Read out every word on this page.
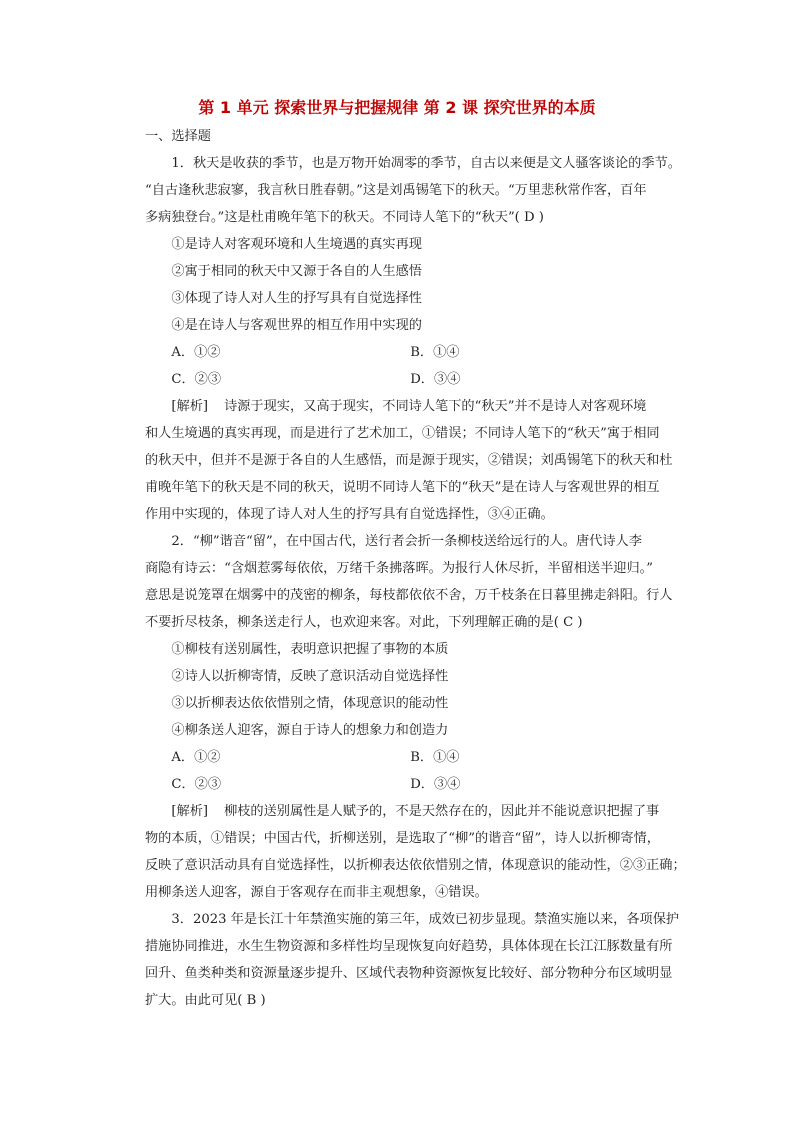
第 1 单元 探索世界与把握规律 第 2 课 探究世界的本质
一、选择题
1．秋天是收获的季节，也是万物开始凋零的季节，自古以来便是文人骚客谈论的季节。
“自古逢秋悲寂寥，我言秋日胜春朝。”这是刘禹锡笔下的秋天。“万里悲秋常作客，百年
多病独登台。”这是杜甫晚年笔下的秋天。不同诗人笔下的“秋天”( D )
①是诗人对客观环境和人生境遇的真实再现
②寓于相同的秋天中又源于各自的人生感悟
③体现了诗人对人生的抒写具有自觉选择性
④是在诗人与客观世界的相互作用中实现的
A．①②	B．①④
C．②③	D．③④
[解析] 诗源于现实，又高于现实，不同诗人笔下的“秋天”并不是诗人对客观环境
和人生境遇的真实再现，而是进行了艺术加工，①错误；不同诗人笔下的“秋天”寓于相同
的秋天中，但并不是源于各自的人生感悟，而是源于现实，②错误；刘禹锡笔下的秋天和杜
甫晚年笔下的秋天是不同的秋天，说明不同诗人笔下的“秋天”是在诗人与客观世界的相互
作用中实现的，体现了诗人对人生的抒写具有自觉选择性，③④正确。
2．“柳”谐音“留”，在中国古代，送行者会折一条柳枝送给远行的人。唐代诗人李
商隐有诗云：“含烟惹雾每依依，万绪千条拂落晖。为报行人休尽折，半留相送半迎归。”
意思是说笼罩在烟雾中的茂密的柳条，每枝都依依不舍，万千枝条在日暮里拂走斜阳。行人
不要折尽枝条，柳条送走行人，也欢迎来客。对此，下列理解正确的是( C )
①柳枝有送别属性，表明意识把握了事物的本质
②诗人以折柳寄情，反映了意识活动自觉选择性
③以折柳表达依依惜别之情，体现意识的能动性
④柳条送人迎客，源自于诗人的想象力和创造力
A．①②	B．①④
C．②③	D．③④
[解析] 柳枝的送别属性是人赋予的，不是天然存在的，因此并不能说意识把握了事
物的本质，①错误；中国古代，折柳送别，是选取了“柳”的谐音“留”，诗人以折柳寄情，
反映了意识活动具有自觉选择性，以折柳表达依依惜别之情，体现意识的能动性，②③正确；
用柳条送人迎客，源自于客观存在而非主观想象，④错误。
3．2023 年是长江十年禁渔实施的第三年，成效已初步显现。禁渔实施以来，各项保护
措施协同推进，水生生物资源和多样性均呈现恢复向好趋势，具体体现在长江江豚数量有所
回升、鱼类种类和资源量逐步提升、区域代表物种资源恢复比较好、部分物种分布区域明显
扩大。由此可见( B )
